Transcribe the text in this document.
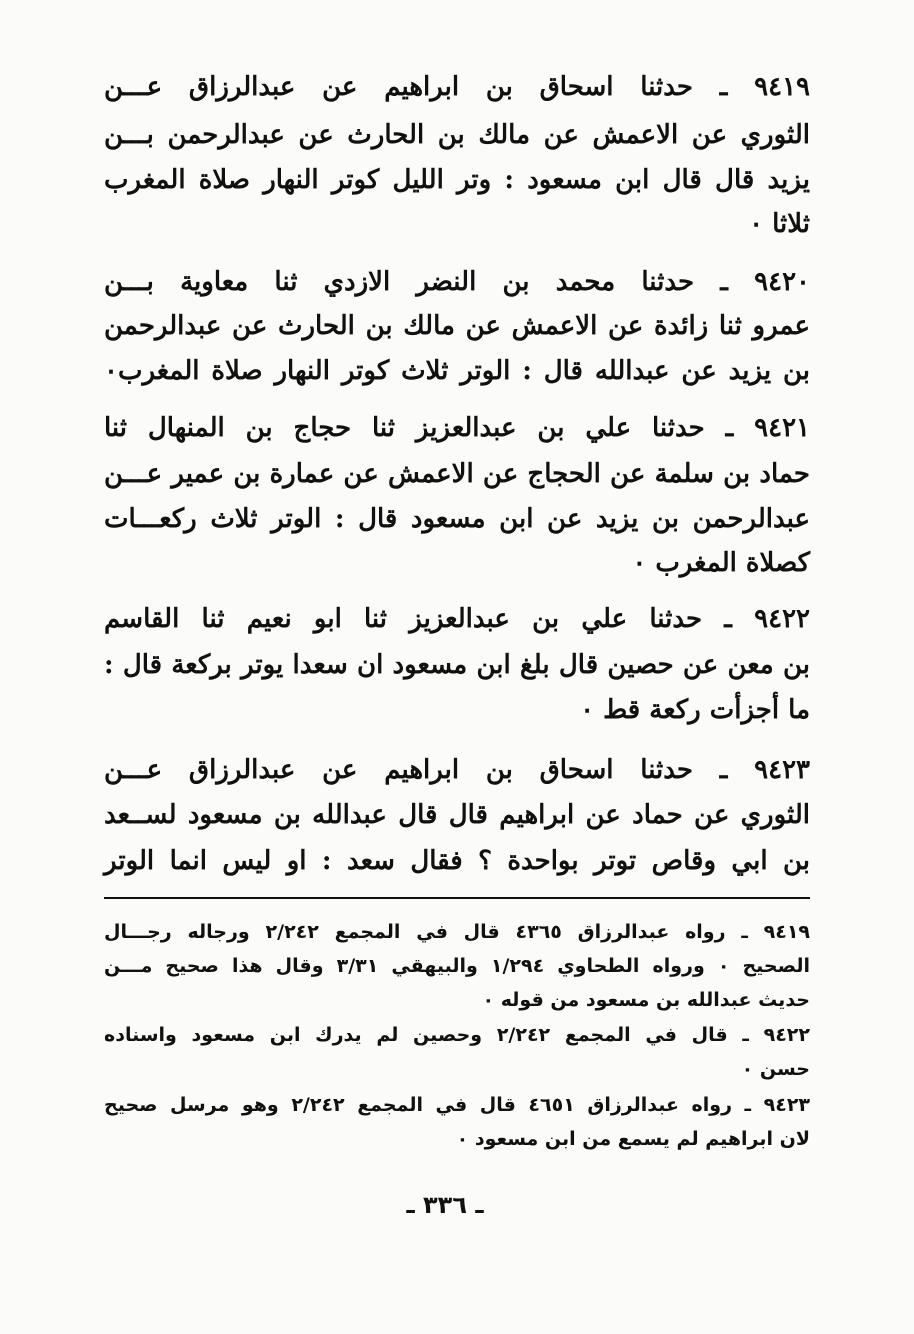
٩٤١٩ ـ حدثنا اسحاق بن ابراهيم عن عبدالرزاق عـــن
الثوري عن الاعمش عن مالك بن الحارث عن عبدالرحمن بـــن
يزيد قال قال ابن مسعود : وتر الليل كوتر النهار صلاة المغرب
ثلاثا ٠
٩٤٢٠ ـ حدثنا محمد بن النضر الازدي ثنا معاوية بـــن
عمرو ثنا زائدة عن الاعمش عن مالك بن الحارث عن عبدالرحمن
بن يزيد عن عبدالله قال : الوتر ثلاث كوتر النهار صلاة المغرب٠
٩٤٢١ ـ حدثنا علي بن عبدالعزيز ثنا حجاج بن المنهال ثنا
حماد بن سلمة عن الحجاج عن الاعمش عن عمارة بن عمير عـــن
عبدالرحمن بن يزيد عن ابن مسعود قال : الوتر ثلاث ركعـــات
كصلاة المغرب ٠
٩٤٢٢ ـ حدثنا علي بن عبدالعزيز ثنا ابو نعيم ثنا القاسم
بن معن عن حصين قال بلغ ابن مسعود ان سعدا يوتر بركعة قال :
ما أجزأت ركعة قط ٠
٩٤٢٣ ـ حدثنا اسحاق بن ابراهيم عن عبدالرزاق عـــن
الثوري عن حماد عن ابراهيم قال قال عبدالله بن مسعود لســعد
بن ابي وقاص توتر بواحدة ؟ فقال سعد : او ليس انما الوتر
٩٤١٩ ـ رواه عبدالرزاق ٤٣٦٥ قال في المجمع ٢/٢٤٢ ورجاله رجـــال
الصحيح ٠ ورواه الطحاوي ١/٢٩٤ والبيهقي ٣/٣١ وقال هذا صحيح مـــن
حديث عبدالله بن مسعود من قوله ٠
٩٤٢٢ ـ قال في المجمع ٢/٢٤٢ وحصين لم يدرك ابن مسعود واسناده
حسن ٠
٩٤٢٣ ـ رواه عبدالرزاق ٤٦٥١ قال في المجمع ٢/٢٤٢ وهو مرسل صحيح
لان ابراهيم لم يسمع من ابن مسعود ٠
ـ ٣٣٦ ـ
